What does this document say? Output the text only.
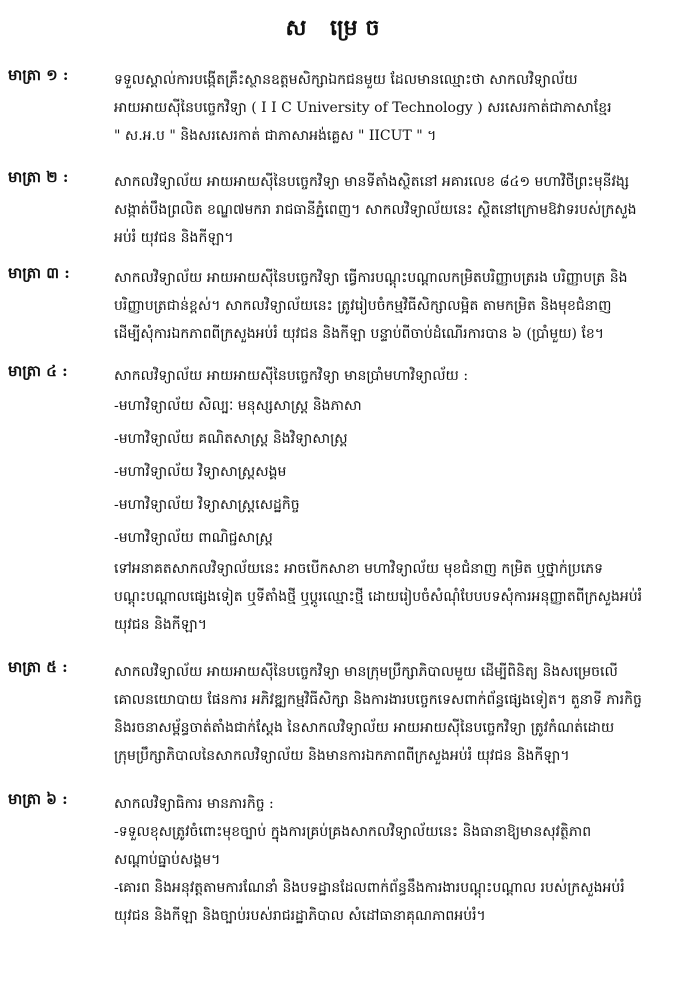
ស ម្រេច
មាត្រា ១ :	ទទួលស្គាល់ការបង្កើតគ្រឹះស្ថានឧត្តមសិក្សាឯកជនមួយ ដែលមានឈ្មោះថា សាកលវិទ្យាល័យ
អាយអាយស៊ីនៃបច្ចេកវិទ្យា ( I I C University of Technology ) សរសេរកាត់ជាភាសាខ្មែរ
" ស.អ.ប " និងសរសេរកាត់ ជាភាសាអង់គ្លេស " IICUT " ។
មាត្រា ២ :	សាកលវិទ្យាល័យ អាយអាយស៊ីនៃបច្ចេកវិទ្យា មានទីតាំងស្ថិតនៅ អគារលេខ ៨៤១ មហាវិថីព្រះមុនីវង្ស
សង្កាត់បឹងព្រលិត ខណ្ឌ៧មករា រាជធានីភ្នំពេញ។ សាកលវិទ្យាល័យនេះ ស្ថិតនៅក្រោមឱវាទរបស់ក្រសួង
អប់រំ យុវជន និងកីឡា។
មាត្រា ៣ :	សាកលវិទ្យាល័យ អាយអាយស៊ីនៃបច្ចេកវិទ្យា ធ្វើការបណ្តុះបណ្តាលកម្រិតបរិញ្ញាបត្ររង បរិញ្ញាបត្រ និង
បរិញ្ញាបត្រជាន់ខ្ពស់។ សាកលវិទ្យាល័យនេះ ត្រូវរៀបចំកម្មវិធីសិក្សាលម្អិត តាមកម្រិត និងមុខជំនាញ
ដើម្បីសុំការឯកភាពពីក្រសួងអប់រំ យុវជន និងកីឡា បន្ទាប់ពីចាប់ដំណើរការបាន ៦ (ប្រាំមួយ) ខែ។
មាត្រា ៤ :	សាកលវិទ្យាល័យ អាយអាយស៊ីនៃបច្ចេកវិទ្យា មានប្រាំមហាវិទ្យាល័យ :
-មហាវិទ្យាល័យ សិល្បៈ មនុស្សសាស្ត្រ និងភាសា
-មហាវិទ្យាល័យ គណិតសាស្ត្រ និងវិទ្យាសាស្ត្រ
-មហាវិទ្យាល័យ វិទ្យាសាស្ត្រសង្គម
-មហាវិទ្យាល័យ វិទ្យាសាស្ត្រសេដ្ឋកិច្ច
-មហាវិទ្យាល័យ ពាណិជ្ជសាស្ត្រ
ទៅអនាគតសាកលវិទ្យាល័យនេះ អាចបើកសាខា មហាវិទ្យាល័យ មុខជំនាញ កម្រិត ឬថ្នាក់ប្រភេទ
បណ្តុះបណ្តាលផ្សេងទៀត ឬទីតាំងថ្មី ឬប្តូរឈ្មោះថ្មី ដោយរៀបចំសំណុំបែបបទសុំការអនុញ្ញាតពីក្រសួងអប់រំ
យុវជន និងកីឡា។
មាត្រា ៥ :	សាកលវិទ្យាល័យ អាយអាយស៊ីនៃបច្ចេកវិទ្យា មានក្រុមប្រឹក្សាភិបាលមួយ ដើម្បីពិនិត្យ និងសម្រេចលើ
គោលនយោបាយ ផែនការ អភិវឌ្ឍកម្មវិធីសិក្សា និងការងារបច្ចេកទេសពាក់ព័ន្ធផ្សេងទៀត។ តួនាទី ភារកិច្ច
និងរចនាសម្ព័ន្ធចាត់តាំងជាក់ស្តែង នៃសាកលវិទ្យាល័យ អាយអាយស៊ីនៃបច្ចេកវិទ្យា ត្រូវកំណត់ដោយ
ក្រុមប្រឹក្សាភិបាលនៃសាកលវិទ្យាល័យ និងមានការឯកភាពពីក្រសួងអប់រំ យុវជន និងកីឡា។
មាត្រា ៦ :	សាកលវិទ្យាធិការ មានភារកិច្ច :
-ទទួលខុសត្រូវចំពោះមុខច្បាប់ ក្នុងការគ្រប់គ្រងសាកលវិទ្យាល័យនេះ និងធានាឱ្យមានសុវត្ថិភាព
សណ្តាប់ធ្នាប់សង្គម។
-គោរព និងអនុវត្តតាមការណែនាំ និងបទដ្ឋានដែលពាក់ព័ន្ធនឹងការងារបណ្តុះបណ្តាល របស់ក្រសួងអប់រំ
យុវជន និងកីឡា និងច្បាប់របស់រាជរដ្ឋាភិបាល សំដៅធានាគុណភាពអប់រំ។
